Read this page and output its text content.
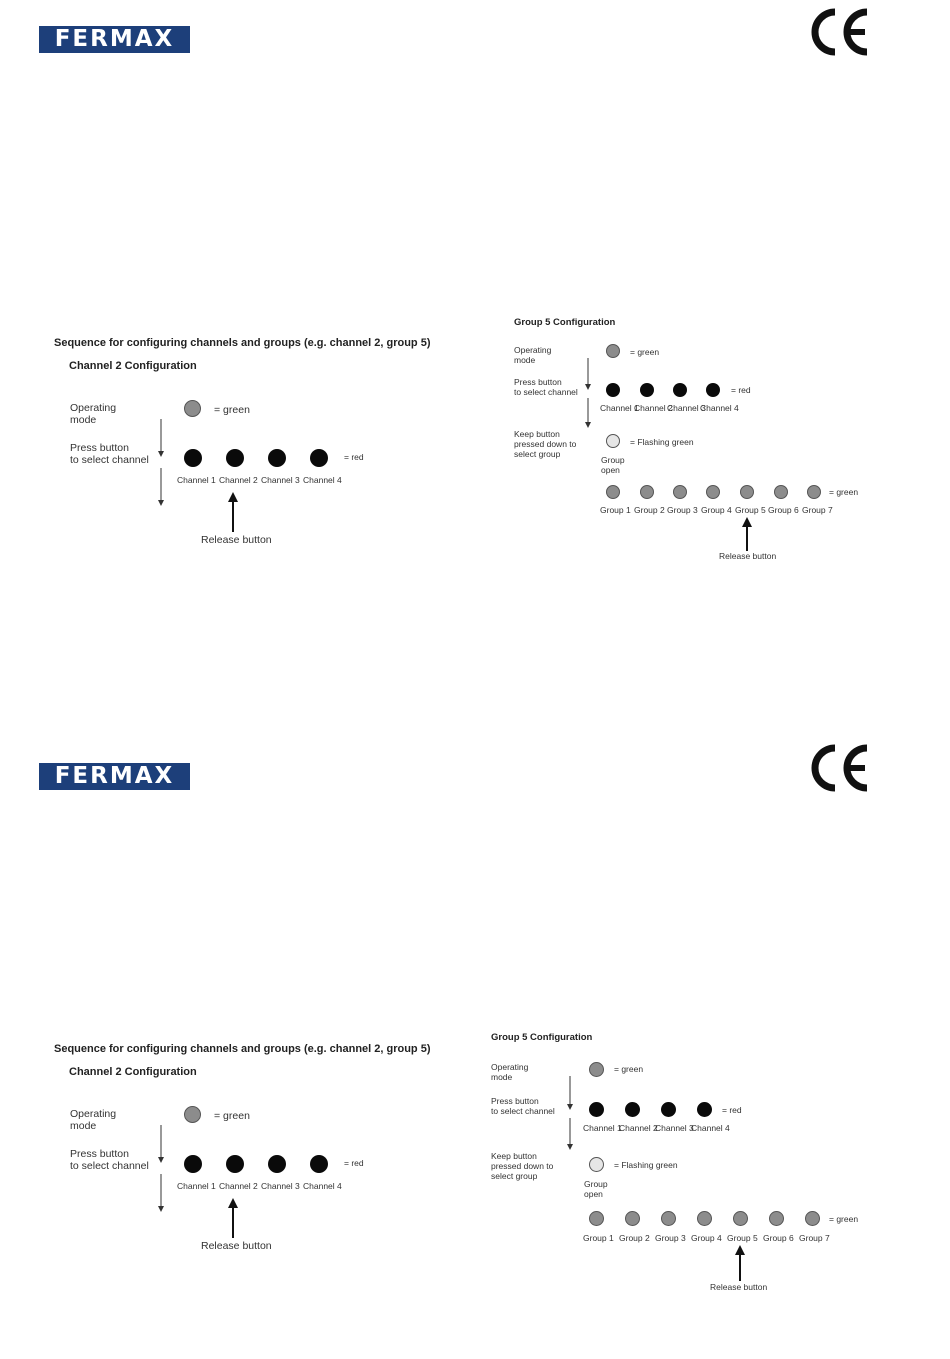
FERMAX
Sequence for configuring channels and groups (e.g. channel 2, group 5)
Channel 2 Configuration
Operating
mode
= green
Press button
to select channel	= red
Channel 1 Channel 2 Channel 3 Channel 4
Release button
Group 5 Configuration
Operating
mode
= green
Press button
to select channel	= red
Channel 1
Channel 2
Channel 3
Channel 4
Keep button
pressed down to
select group
= Flashing green
Group
open
= green
Group 1 Group 2 Group 3 Group 4 Group 5 Group 6 Group 7
Release button
FERMAX
Sequence for configuring channels and groups (e.g. channel 2, group 5)
Channel 2 Configuration
Operating
mode
= green
Press button
to select channel	= red
Channel 1 Channel 2 Channel 3 Channel 4
Release button
Group 5 Configuration
Operating
mode
= green
Press button
to select channel	= red
Channel 1
Channel 2
Channel 3
Channel 4
Keep button
pressed down to
select group
= Flashing green
Group
open
= green
Group 1 Group 2 Group 3 Group 4 Group 5 Group 6 Group 7
Release button
